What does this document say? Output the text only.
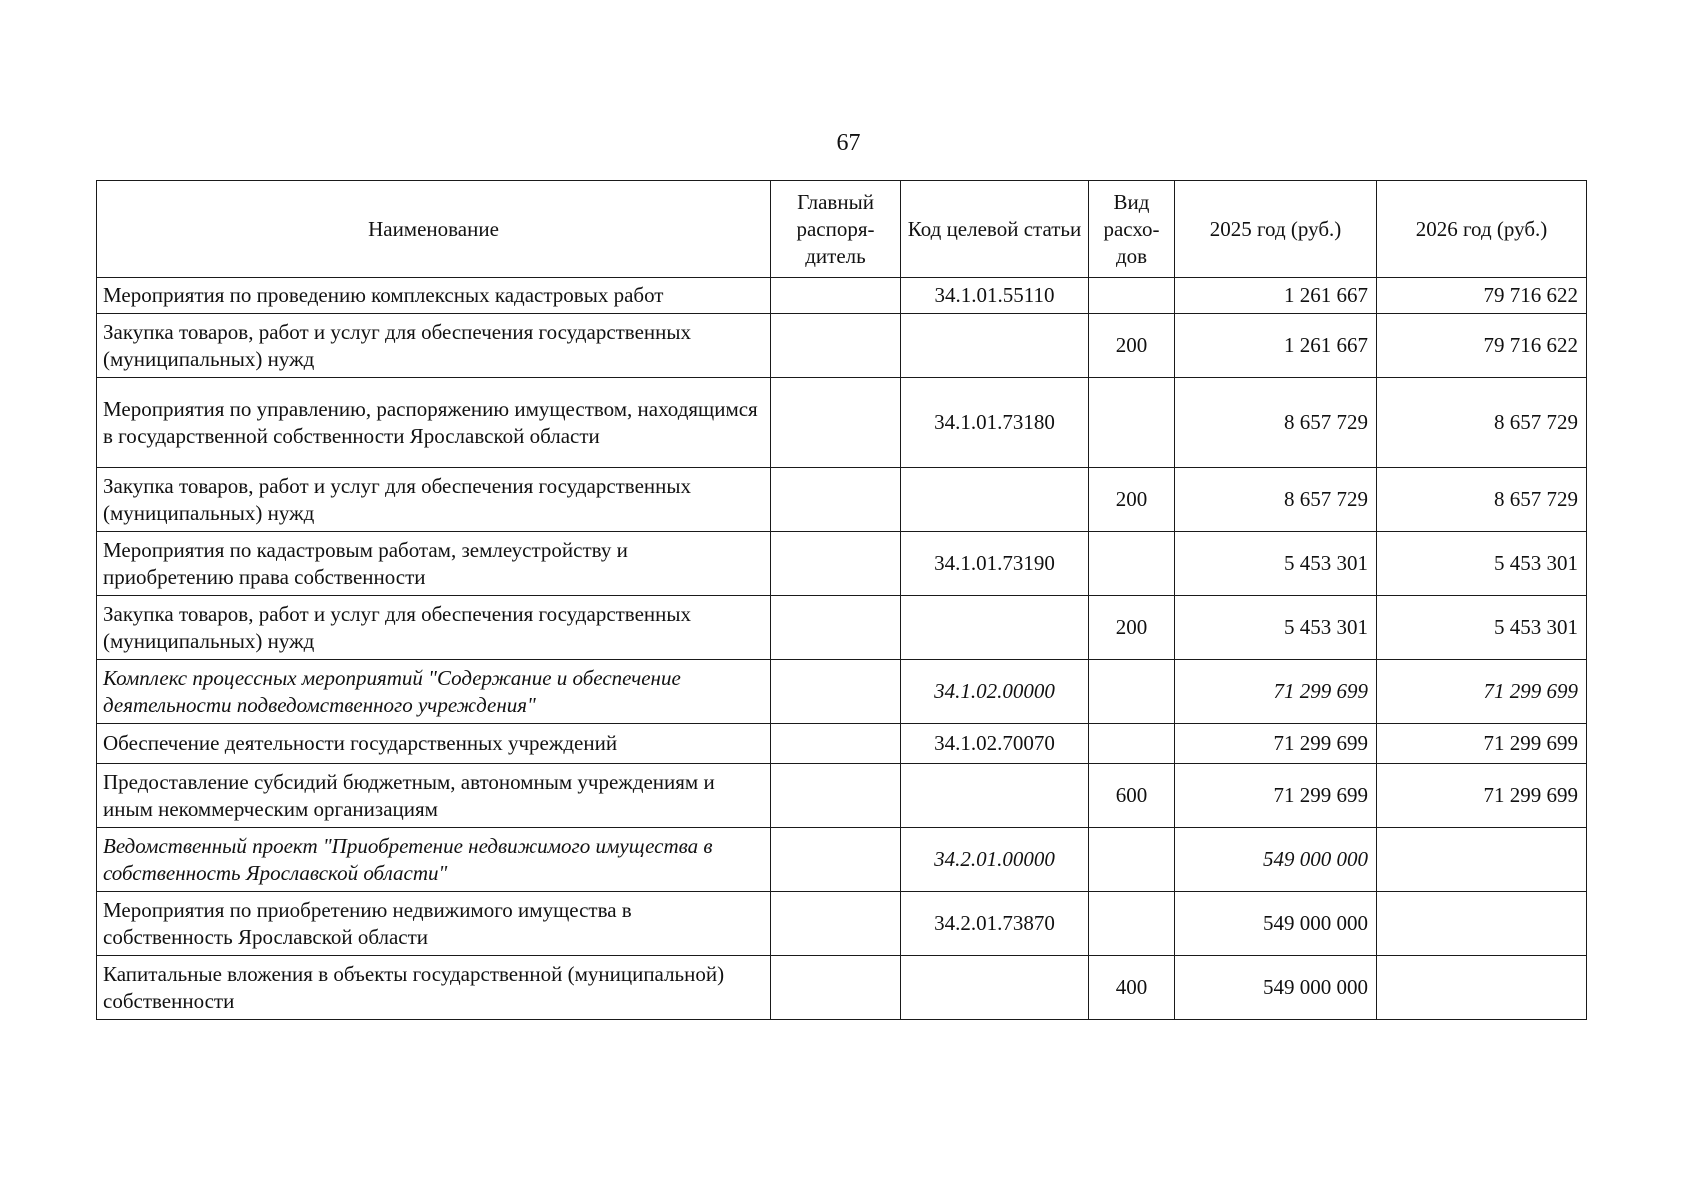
67
Наименование	Главный распоря-дитель	Код целевой статьи	Вид расхо-дов	2025 год (руб.)	2026 год (руб.)
Мероприятия по проведению комплексных кадастровых работ		34.1.01.55110		1 261 667	79 716 622
Закупка товаров, работ и услуг для обеспечения государственных (муниципальных) нужд			200	1 261 667	79 716 622
Мероприятия по управлению, распоряжению имуществом, находящимся в государственной собственности Ярославской области		34.1.01.73180		8 657 729	8 657 729
Закупка товаров, работ и услуг для обеспечения государственных (муниципальных) нужд			200	8 657 729	8 657 729
Мероприятия по кадастровым работам, землеустройству и приобретению права собственности		34.1.01.73190		5 453 301	5 453 301
Закупка товаров, работ и услуг для обеспечения государственных (муниципальных) нужд			200	5 453 301	5 453 301
Комплекс процессных мероприятий "Содержание и обеспечение деятельности подведомственного учреждения"		34.1.02.00000		71 299 699	71 299 699
Обеспечение деятельности государственных учреждений		34.1.02.70070		71 299 699	71 299 699
Предоставление субсидий бюджетным, автономным учреждениям и иным некоммерческим организациям			600	71 299 699	71 299 699
Ведомственный проект "Приобретение недвижимого имущества в собственность Ярославской области"		34.2.01.00000		549 000 000	
Мероприятия по приобретению недвижимого имущества в собственность Ярославской области		34.2.01.73870		549 000 000	
Капитальные вложения в объекты государственной (муниципальной) собственности			400	549 000 000	
